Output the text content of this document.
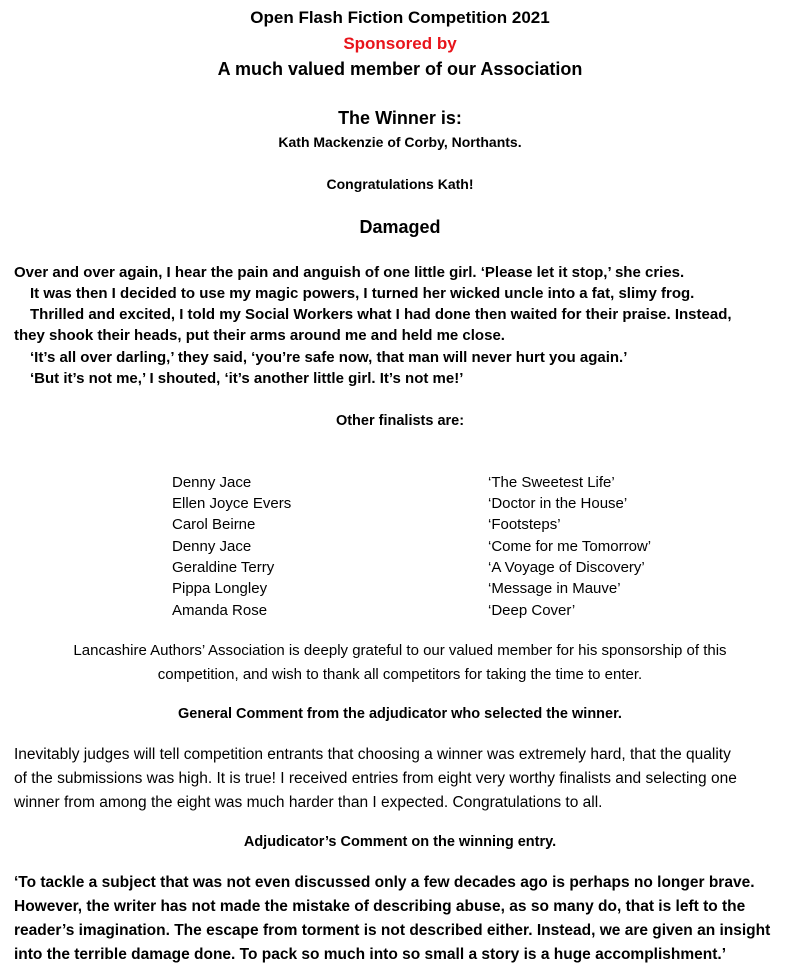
Open Flash Fiction Competition 2021
Sponsored by
A much valued member of our Association
The Winner is:
Kath Mackenzie of Corby, Northants.
Congratulations Kath!
Damaged
Over and over again, I hear the pain and anguish of one little girl. ‘Please let it stop,’ she cries.
It was then I decided to use my magic powers, I turned her wicked uncle into a fat, slimy frog.
Thrilled and excited, I told my Social Workers what I had done then waited for their praise. Instead,
they shook their heads, put their arms around me and held me close.
‘It’s all over darling,’ they said, ‘you’re safe now, that man will never hurt you again.’
‘But it’s not me,’ I shouted, ‘it’s another little girl. It’s not me!’
Other finalists are:
Denny Jace	‘The Sweetest Life’
Ellen Joyce Evers	‘Doctor in the House’
Carol Beirne	‘Footsteps’
Denny Jace	‘Come for me Tomorrow’
Geraldine Terry	‘A Voyage of Discovery’
Pippa Longley	‘Message in Mauve’
Amanda Rose	‘Deep Cover’
Lancashire Authors’ Association is deeply grateful to our valued member for his sponsorship of this
competition, and wish to thank all competitors for taking the time to enter.
General Comment from the adjudicator who selected the winner.
Inevitably judges will tell competition entrants that choosing a winner was extremely hard, that the quality
of the submissions was high. It is true! I received entries from eight very worthy finalists and selecting one
winner from among the eight was much harder than I expected. Congratulations to all.
Adjudicator’s Comment on the winning entry.
‘To tackle a subject that was not even discussed only a few decades ago is perhaps no longer brave.
However, the writer has not made the mistake of describing abuse, as so many do, that is left to the
reader’s imagination. The escape from torment is not described either. Instead, we are given an insight
into the terrible damage done. To pack so much into so small a story is a huge accomplishment.’
